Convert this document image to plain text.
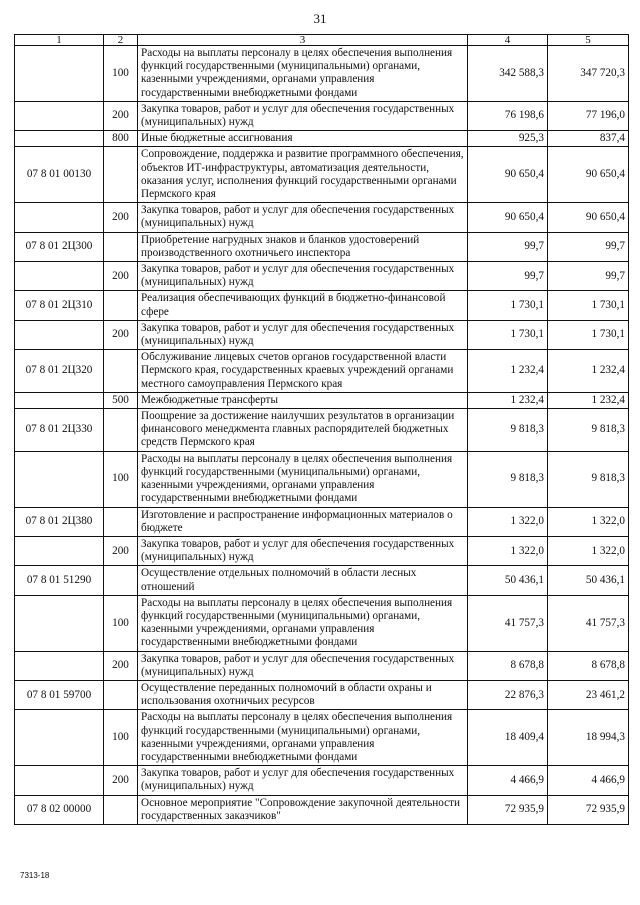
31
1	2	3	4	5
	100	Расходы на выплаты персоналу в целях обеспечения выполнения функций государственными (муниципальными) органами, казенными учреждениями, органами управления государственными внебюджетными фондами	342 588,3	347 720,3
	200	Закупка товаров, работ и услуг для обеспечения государственных (муниципальных) нужд	76 198,6	77 196,0
	800	Иные бюджетные ассигнования	925,3	837,4
07 8 01 00130		Сопровождение, поддержка и развитие программного обеспечения, объектов ИТ-инфраструктуры, автоматизация деятельности, оказания услуг, исполнения функций государственными органами Пермского края	90 650,4	90 650,4
	200	Закупка товаров, работ и услуг для обеспечения государственных (муниципальных) нужд	90 650,4	90 650,4
07 8 01 2Ц300		Приобретение нагрудных знаков и бланков удостоверений производственного охотничьего инспектора	99,7	99,7
	200	Закупка товаров, работ и услуг для обеспечения государственных (муниципальных) нужд	99,7	99,7
07 8 01 2Ц310		Реализация обеспечивающих функций в бюджетно-финансовой сфере	1 730,1	1 730,1
	200	Закупка товаров, работ и услуг для обеспечения государственных (муниципальных) нужд	1 730,1	1 730,1
07 8 01 2Ц320		Обслуживание лицевых счетов органов государственной власти Пермского края, государственных краевых учреждений органами местного самоуправления Пермского края	1 232,4	1 232,4
	500	Межбюджетные трансферты	1 232,4	1 232,4
07 8 01 2Ц330		Поощрение за достижение наилучших результатов в организации финансового менеджмента главных распорядителей бюджетных средств Пермского края	9 818,3	9 818,3
	100	Расходы на выплаты персоналу в целях обеспечения выполнения функций государственными (муниципальными) органами, казенными учреждениями, органами управления государственными внебюджетными фондами	9 818,3	9 818,3
07 8 01 2Ц380		Изготовление и распространение информационных материалов о бюджете	1 322,0	1 322,0
	200	Закупка товаров, работ и услуг для обеспечения государственных (муниципальных) нужд	1 322,0	1 322,0
07 8 01 51290		Осуществление отдельных полномочий в области лесных отношений	50 436,1	50 436,1
	100	Расходы на выплаты персоналу в целях обеспечения выполнения функций государственными (муниципальными) органами, казенными учреждениями, органами управления государственными внебюджетными фондами	41 757,3	41 757,3
	200	Закупка товаров, работ и услуг для обеспечения государственных (муниципальных) нужд	8 678,8	8 678,8
07 8 01 59700		Осуществление переданных полномочий в области охраны и использования охотничьих ресурсов	22 876,3	23 461,2
	100	Расходы на выплаты персоналу в целях обеспечения выполнения функций государственными (муниципальными) органами, казенными учреждениями, органами управления государственными внебюджетными фондами	18 409,4	18 994,3
	200	Закупка товаров, работ и услуг для обеспечения государственных (муниципальных) нужд	4 466,9	4 466,9
07 8 02 00000		Основное мероприятие "Сопровождение закупочной деятельности государственных заказчиков"	72 935,9	72 935,9
7313-18
